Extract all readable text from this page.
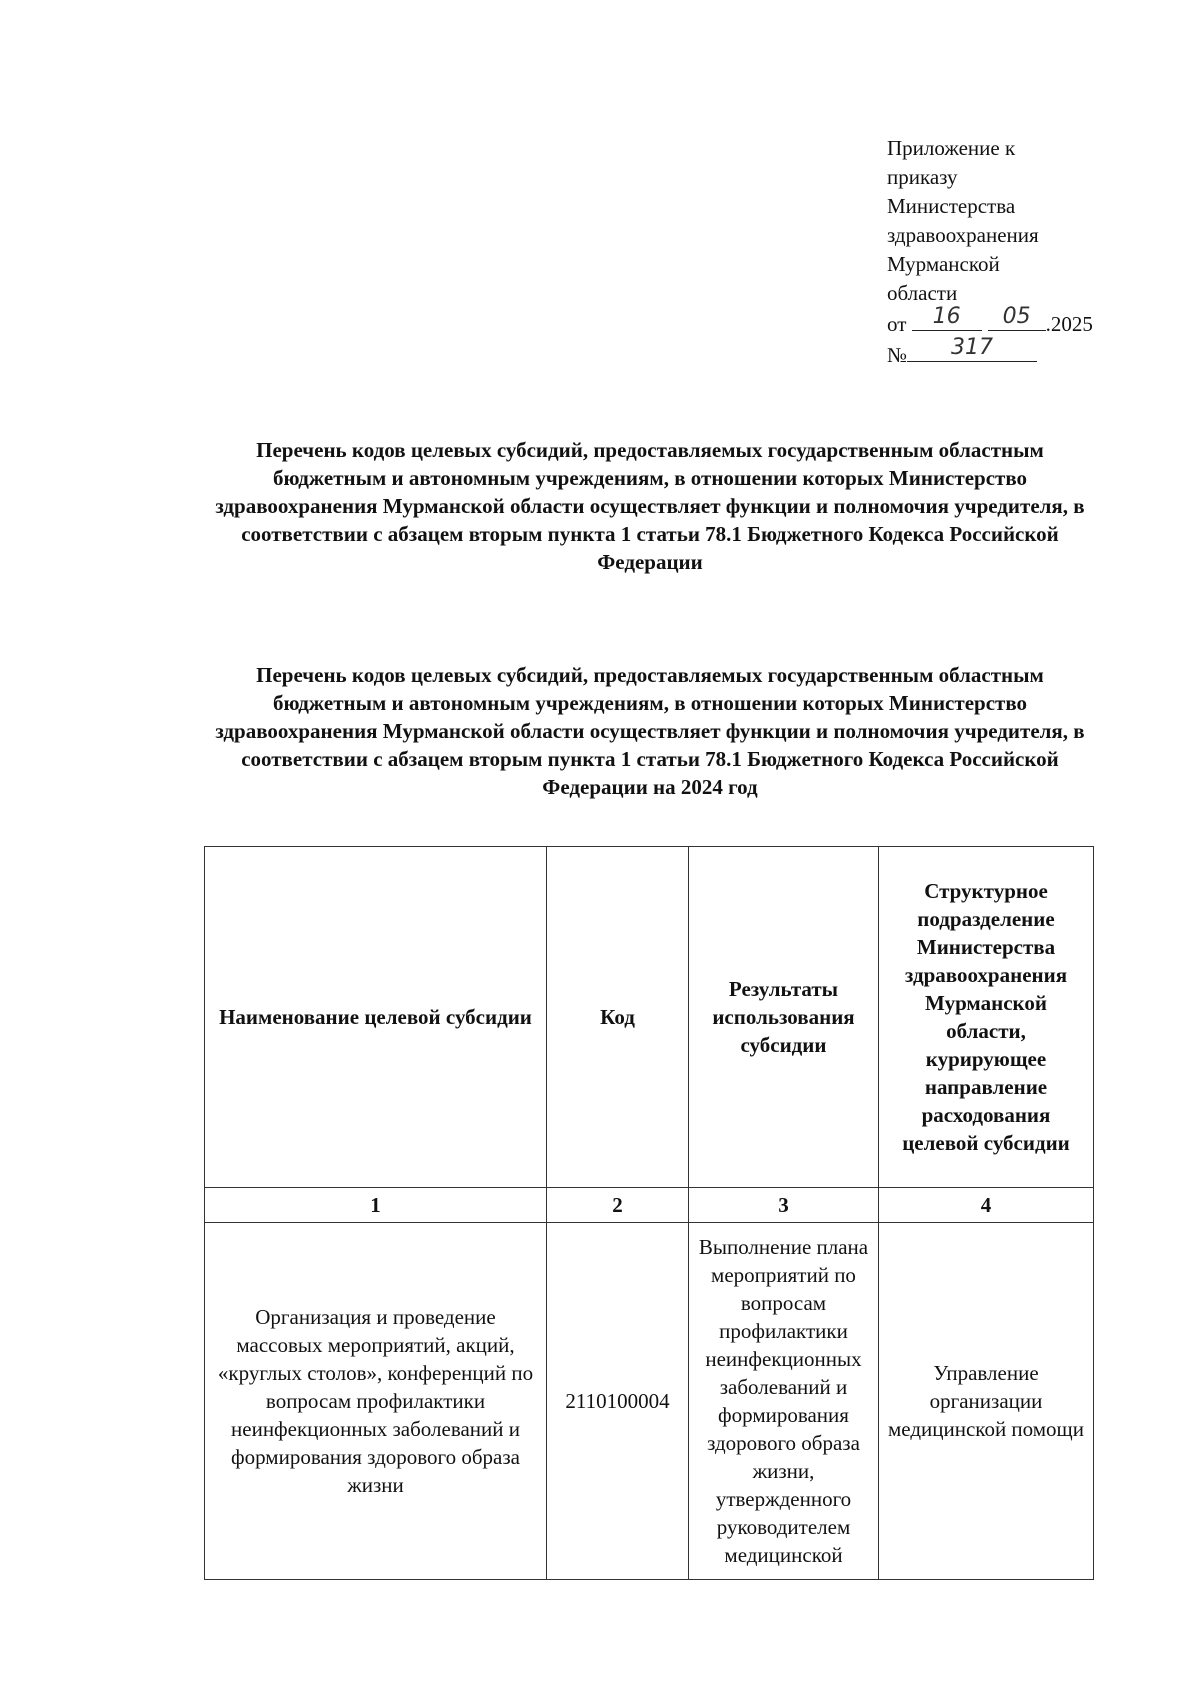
Приложение к
приказу
Министерства
здравоохранения
Мурманской
области
от	16	05 .2025
№	317
Перечень кодов целевых субсидий, предоставляемых государственным областным бюджетным и автономным учреждениям, в отношении которых Министерство здравоохранения Мурманской области осуществляет функции и полномочия учредителя, в соответствии с абзацем вторым пункта 1 статьи 78.1 Бюджетного Кодекса Российской Федерации
Перечень кодов целевых субсидий, предоставляемых государственным областным бюджетным и автономным учреждениям, в отношении которых Министерство здравоохранения Мурманской области осуществляет функции и полномочия учредителя, в соответствии с абзацем вторым пункта 1 статьи 78.1 Бюджетного Кодекса Российской Федерации на 2024 год
Наименование целевой субсидии	Код	Результаты использования субсидии	Структурное подразделение Министерства здравоохранения Мурманской области, курирующее направление расходования целевой субсидии
1	2	3	4
Организация и проведение массовых мероприятий, акций, «круглых столов», конференций по вопросам профилактики неинфекционных заболеваний и формирования здорового образа жизни	2110100004	Выполнение плана мероприятий по вопросам профилактики неинфекционных заболеваний и формирования здорового образа жизни, утвержденного руководителем медицинской	Управление организации медицинской помощи
